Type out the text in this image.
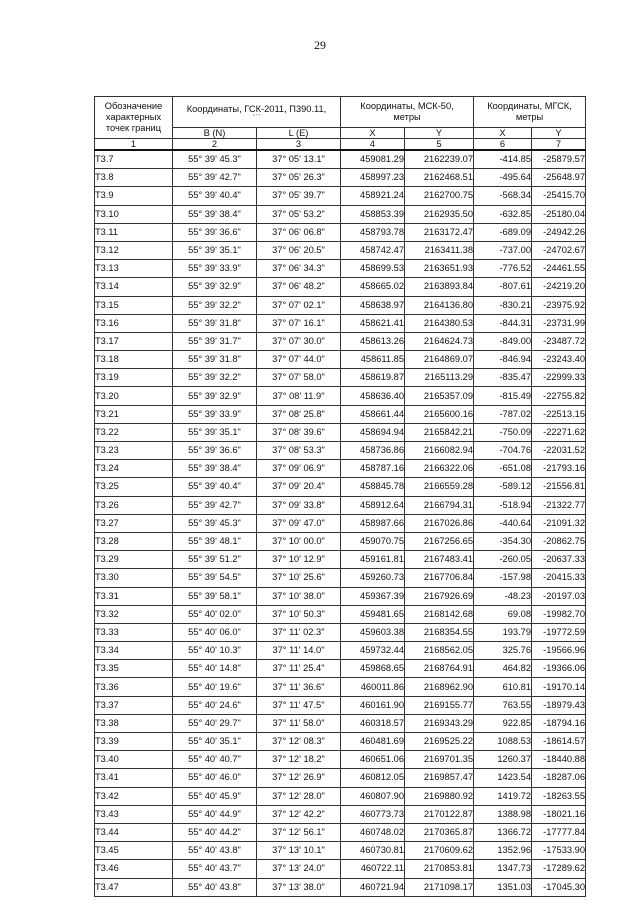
29
Обозначение
характерных
точек границ	Координаты, ГСК-2011, П390.11,
° ' "		Координаты, МСК-50,
метры		Координаты, МГСК,
метры	

	B (N)	L (E)	X	Y	X	Y
1	2	3	4	5	6	7
Т3.7	55° 39' 45.3"	37° 05' 13.1"	459081.29	2162239.07	-414.85	-25879.57
Т3.8	55° 39' 42.7"	37° 05' 26.3"	458997.23	2162468.51	-495.64	-25648.97
Т3.9	55° 39' 40.4"	37° 05' 39.7"	458921.24	2162700.75	-568.34	-25415.70
Т3.10	55° 39' 38.4"	37° 05' 53.2"	458853.39	2162935.50	-632.85	-25180.04
Т3.11	55° 39' 36.6"	37° 06' 06.8"	458793.78	2163172.47	-689.09	-24942.26
Т3.12	55° 39' 35.1"	37° 06' 20.5"	458742.47	2163411.38	-737.00	-24702.67
Т3.13	55° 39' 33.9"	37° 06' 34.3"	458699.53	2163651.93	-776.52	-24461.55
Т3.14	55° 39' 32.9"	37° 06' 48.2"	458665.02	2163893.84	-807.61	-24219.20
Т3.15	55° 39' 32.2"	37° 07' 02.1"	458638.97	2164136.80	-830.21	-23975.92
Т3.16	55° 39' 31.8"	37° 07' 16.1"	458621.41	2164380.53	-844.31	-23731.99
Т3.17	55° 39' 31.7"	37° 07' 30.0"	458613.26	2164624.73	-849.00	-23487.72
Т3.18	55° 39' 31.8"	37° 07' 44.0"	458611.85	2164869.07	-846.94	-23243.40
Т3.19	55° 39' 32.2"	37° 07' 58.0"	458619.87	2165113.29	-835.47	-22999.33
Т3.20	55° 39' 32.9"	37° 08' 11.9"	458636.40	2165357.09	-815.49	-22755.82
Т3.21	55° 39' 33.9"	37° 08' 25.8"	458661.44	2165600.16	-787.02	-22513.15
Т3.22	55° 39' 35.1"	37° 08' 39.6"	458694.94	2165842.21	-750.09	-22271.62
Т3.23	55° 39' 36.6"	37° 08' 53.3"	458736.86	2166082.94	-704.76	-22031.52
Т3.24	55° 39' 38.4"	37° 09' 06.9"	458787.16	2166322.06	-651.08	-21793.16
Т3.25	55° 39' 40.4"	37° 09' 20.4"	458845.78	2166559.28	-589.12	-21556.81
Т3.26	55° 39' 42.7"	37° 09' 33.8"	458912.64	2166794.31	-518.94	-21322.77
Т3.27	55° 39' 45.3"	37° 09' 47.0"	458987.66	2167026.86	-440.64	-21091.32
Т3.28	55° 39' 48.1"	37° 10' 00.0"	459070.75	2167256.65	-354.30	-20862.75
Т3.29	55° 39' 51.2"	37° 10' 12.9"	459161.81	2167483.41	-260.05	-20637.33
Т3.30	55° 39' 54.5"	37° 10' 25.6"	459260.73	2167706.84	-157.98	-20415.33
Т3.31	55° 39' 58.1"	37° 10' 38.0"	459367.39	2167926.69	-48.23	-20197.03
Т3.32	55° 40' 02.0"	37° 10' 50.3"	459481.65	2168142.68	69.08	-19982.70
Т3.33	55° 40' 06.0"	37° 11' 02.3"	459603.38	2168354.55	193.79	-19772.59
Т3.34	55° 40' 10.3"	37° 11' 14.0"	459732.44	2168562.05	325.76	-19566.96
Т3.35	55° 40' 14.8"	37° 11' 25.4"	459868.65	2168764.91	464.82	-19366.06
Т3.36	55° 40' 19.6"	37° 11' 36.6"	460011.86	2168962.90	610.81	-19170.14
Т3.37	55° 40' 24.6"	37° 11' 47.5"	460161.90	2169155.77	763.55	-18979.43
Т3.38	55° 40' 29.7"	37° 11' 58.0"	460318.57	2169343.29	922.85	-18794.16
Т3.39	55° 40' 35.1"	37° 12' 08.3"	460481.69	2169525.22	1088.53	-18614.57
Т3.40	55° 40' 40.7"	37° 12' 18.2"	460651.06	2169701.35	1260.37	-18440.88
Т3.41	55° 40' 46.0"	37° 12' 26.9"	460812.05	2169857.47	1423.54	-18287.06
Т3.42	55° 40' 45.9"	37° 12' 28.0"	460807.90	2169880.92	1419.72	-18263.55
Т3.43	55° 40' 44.9"	37° 12' 42.2"	460773.73	2170122.87	1388.98	-18021.16
Т3.44	55° 40' 44.2"	37° 12' 56.1"	460748.02	2170365.87	1366.72	-17777.84
Т3.45	55° 40' 43.8"	37° 13' 10.1"	460730.81	2170609.62	1352.96	-17533.90
Т3.46	55° 40' 43.7"	37° 13' 24.0"	460722.11	2170853.81	1347.73	-17289.62
Т3.47	55° 40' 43.8"	37° 13' 38.0"	460721.94	2171098.17	1351.03	-17045.30
